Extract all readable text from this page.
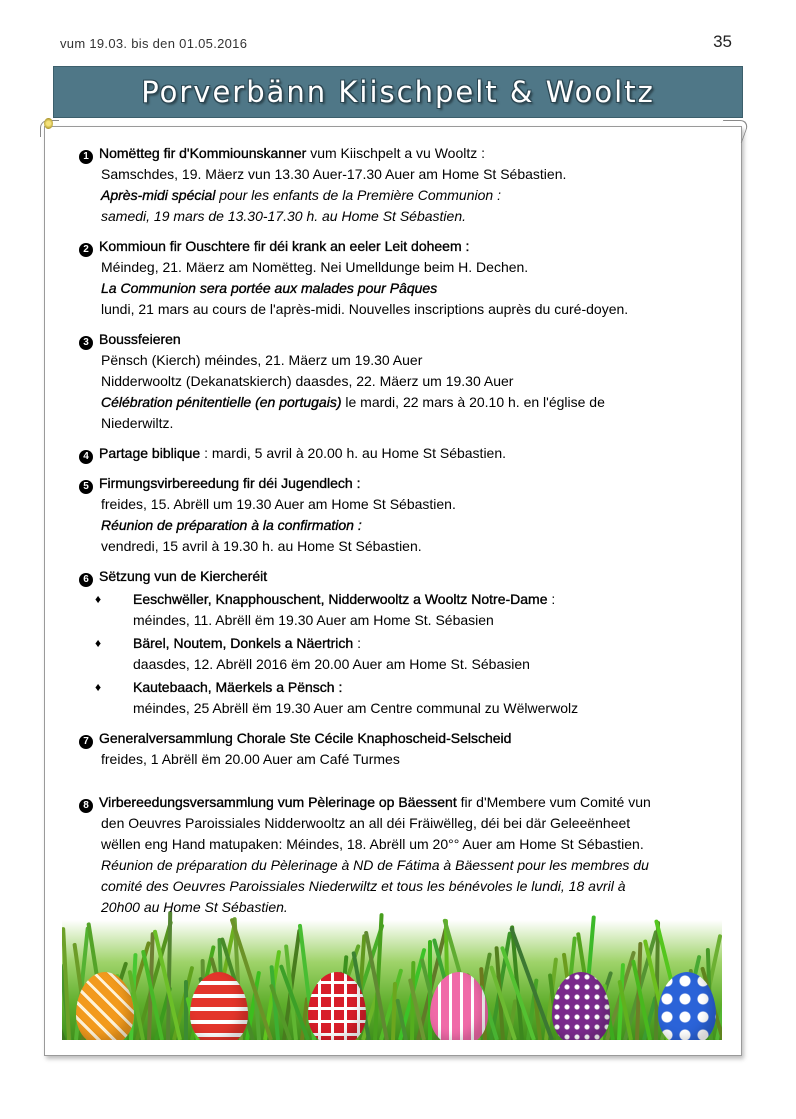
vum 19.03. bis den 01.05.2016	35
Porverbänn Kiischpelt & Wooltz
1 Nomëtteg fir d'Kommiounskanner vum Kiischpelt a vu Wooltz :
Samschdes, 19. Mäerz vun 13.30 Auer-17.30 Auer am Home St Sébastien.
Après-midi spécial pour les enfants de la Première Communion :
samedi, 19 mars de 13.30-17.30 h. au Home St Sébastien.
2 Kommioun fir Ouschtere fir déi krank an eeler Leit doheem :
Méindeg, 21. Mäerz am Nomëtteg. Nei Umelldunge beim H. Dechen.
La Communion sera portée aux malades pour Pâques
lundi, 21 mars au cours de l'après-midi. Nouvelles inscriptions auprès du curé-doyen.
3 Boussfeieren
Pënsch (Kierch) méindes, 21. Mäerz um 19.30 Auer
Nidderwooltz (Dekanatskierch) daasdes, 22. Mäerz um 19.30 Auer
Célébration pénitentielle (en portugais) le mardi, 22 mars à 20.10 h. en l'église de
Niederwiltz.
4 Partage biblique : mardi, 5 avril à 20.00 h. au Home St Sébastien.
5 Firmungsvirbereedung fir déi Jugendlech :
freides, 15. Abrëll um 19.30 Auer am Home St Sébastien.
Réunion de préparation à la confirmation :
vendredi, 15 avril à 19.30 h. au Home St Sébastien.
6 Sëtzung vun de Kiercheréit
♦	Eeschwëller, Knapphouschent, Nidderwooltz a Wooltz Notre-Dame :
méindes, 11. Abrëll ëm 19.30 Auer am Home St. Sébasien
♦	Bärel, Noutem, Donkels a Näertrich :
daasdes, 12. Abrëll 2016 ëm 20.00 Auer am Home St. Sébasien
♦	Kautebaach, Mäerkels a Pënsch :
méindes, 25 Abrëll ëm 19.30 Auer am Centre communal zu Wëlwerwolz
7 Generalversammlung Chorale Ste Cécile Knaphoscheid-Selscheid
freides, 1 Abrëll ëm 20.00 Auer am Café Turmes
8 Virbereedungsversammlung vum Pèlerinage op Bäessent fir d'Membere vum Comité vun
den Oeuvres Paroissiales Nidderwooltz an all déi Fräiwëlleg, déi bei där Geleeënheet
wëllen eng Hand matupaken: Méindes, 18. Abrëll um 20°° Auer am Home St Sébastien.
Réunion de préparation du Pèlerinage à ND de Fátima à Bäessent pour les membres du
comité des Oeuvres Paroissiales Niederwiltz et tous les bénévoles le lundi, 18 avril à
20h00 au Home St Sébastien.
